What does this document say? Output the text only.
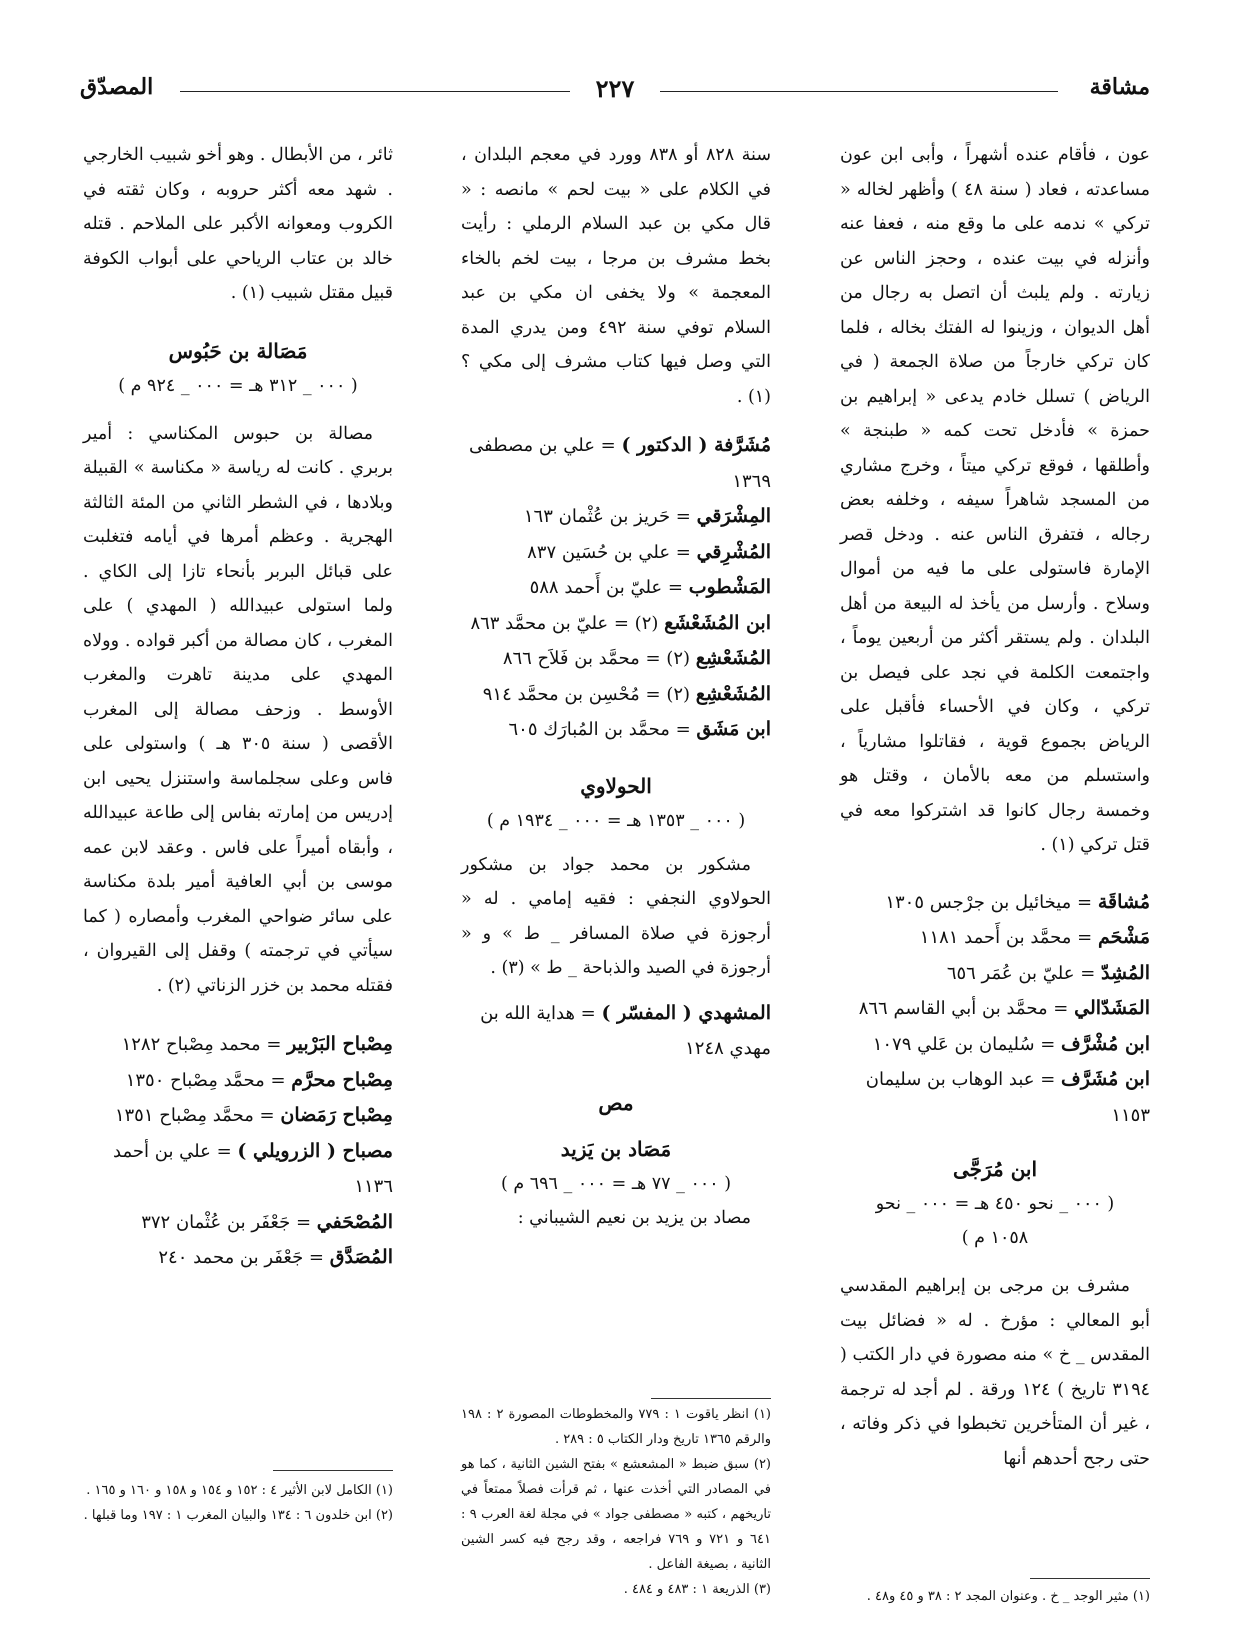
مشاقة
٢٢٧
المصدّق

عون ، فأقام عنده أشهراً ، وأبى ابن عون مساعدته ، فعاد ( سنة ٤٨ ) وأظهر لخاله « تركي » ندمه على ما وقع منه ، فعفا عنه وأنزله في بيت عنده ، وحجز الناس عن زيارته . ولم يلبث أن اتصل به رجال من أهل الديوان ، وزينوا له الفتك بخاله ، فلما كان تركي خارجاً من صلاة الجمعة ( في الرياض ) تسلل خادم يدعى « إبراهيم بن حمزة » فأدخل تحت كمه « طبنجة » وأطلقها ، فوقع تركي ميتاً ، وخرج مشاري من المسجد شاهراً سيفه ، وخلفه بعض رجاله ، فتفرق الناس عنه . ودخل قصر الإمارة فاستولى على ما فيه من أموال وسلاح . وأرسل من يأخذ له البيعة من أهل البلدان . ولم يستقر أكثر من أربعين يوماً ، واجتمعت الكلمة في نجد على فيصل بن تركي ، وكان في الأحساء فأقبل على الرياض بجموع قوية ، فقاتلوا مشارياً ، واستسلم من معه بالأمان ، وقتل هو وخمسة رجال كانوا قد اشتركوا معه في قتل تركي (١) .

مُشاقَة = ميخائيل بن جرْجس ١٣٠٥

مَشْحَم = محمَّد بن أَحمد ١١٨١

المُشِدّ = عليّ بن عُمَر ٦٥٦

المَشَدّالي = محمَّد بن أبي القاسم ٨٦٦

ابن مُشْرَّف = سُليمان بن عَلي ١٠٧٩

ابن مُشَرَّف = عبد الوهاب بن سليمان ١١٥٣

ابن مُرَجَّى

( ٠٠٠ _ نحو ٤٥٠ هـ = ٠٠٠ _ نحو

١٠٥٨ م )

مشرف بن مرجى بن إبراهيم المقدسي أبو المعالي : مؤرخ . له « فضائل بيت المقدس _ خ » منه مصورة في دار الكتب ( ٣١٩٤ تاريخ ) ١٢٤ ورقة . لم أجد له ترجمة ، غير أن المتأخرين تخبطوا في ذكر وفاته ، حتى رجح أحدهم أنها

سنة ٨٢٨ أو ٨٣٨ وورد في معجم البلدان ، في الكلام على « بيت لحم » مانصه : « قال مكي بن عبد السلام الرملي : رأيت بخط مشرف بن مرجا ، بيت لخم بالخاء المعجمة » ولا يخفى ان مكي بن عبد السلام توفي سنة ٤٩٢ ومن يدري المدة التي وصل فيها كتاب مشرف إلى مكي ؟ (١) .

مُشَرَّفة ( الدكتور ) = علي بن مصطفى ١٣٦٩

المِشْرَقي = حَريز بن عُثْمان ١٦٣

المُشْرِقي = علي بن حُسَين ٨٣٧

المَشْطوب = عليّ بن أَحمد ٥٨٨

ابن المُشَعْشَع (٢) = عليّ بن محمَّد ٨٦٣

المُشَعْشِع (٢) = محمَّد بن فَلاَح ٨٦٦

المُشَعْشِع (٢) = مُحْسِن بن محمَّد ٩١٤

ابن مَشَق = محمَّد بن المُبارَك ٦٠٥

الحولاوي

( ٠٠٠ _ ١٣٥٣ هـ = ٠٠٠ _ ١٩٣٤ م )

مشكور بن محمد جواد بن مشكور الحولاوي النجفي : فقيه إمامي . له « أرجوزة في صلاة المسافر _ ط » و « أرجوزة في الصيد والذباحة _ ط » (٣) .

المشهدي ( المفسّر ) = هداية الله بن مهدي ١٢٤٨

مص

مَصَاد بن يَزيد

( ٠٠٠ _ ٧٧ هـ = ٠٠٠ _ ٦٩٦ م )

مصاد بن يزيد بن نعيم الشيباني :

ثائر ، من الأبطال . وهو أخو شبيب الخارجي . شهد معه أكثر حروبه ، وكان ثقته في الكروب ومعوانه الأكبر على الملاحم . قتله خالد بن عتاب الرياحي على أبواب الكوفة قبيل مقتل شبيب (١) .

مَصَالة بن حَبُوس

( ٠٠٠ _ ٣١٢ هـ = ٠٠٠ _ ٩٢٤ م )

مصالة بن حبوس المكناسي : أمير بربري . كانت له رياسة « مكناسة » القبيلة وبلادها ، في الشطر الثاني من المئة الثالثة الهجرية . وعظم أمرها في أيامه فتغلبت على قبائل البربر بأنحاء تازا إلى الكاي . ولما استولى عبيدالله ( المهدي ) على المغرب ، كان مصالة من أكبر قواده . وولاه المهدي على مدينة تاهرت والمغرب الأوسط . وزحف مصالة إلى المغرب الأقصى ( سنة ٣٠٥ هـ ) واستولى على فاس وعلى سجلماسة واستنزل يحيى ابن إدريس من إمارته بفاس إلى طاعة عبيدالله ، وأبقاه أميراً على فاس . وعقد لابن عمه موسى بن أبي العافية أمير بلدة مكناسة على سائر ضواحي المغرب وأمصاره ( كما سيأتي في ترجمته ) وقفل إلى القيروان ، فقتله محمد بن خزر الزناتي (٢) .

مِصْباح البَرْبير = محمد مِصْباح ١٢٨٢

مِصْباح محرَّم = محمَّد مِصْباح ١٣٥٠

مِصْباح رَمَضان = محمَّد مِصْباح ١٣٥١

مصباح ( الزرويلي ) = علي بن أحمد ١١٣٦

المُصْحَفي = جَعْفَر بن عُثْمان ٣٧٢

المُصَدَّق = جَعْفَر بن محمد ٢٤٠

(١) مثير الوجد _ خ . وعنوان المجد ٢ : ٣٨ و ٤٥ و٤٨ .

(١) انظر ياقوت ١ : ٧٧٩ والمخطوطات المصورة ٢ : ١٩٨ والرقم ١٣٦٥ تاريخ ودار الكتاب ٥ : ٢٨٩ .

(٢) سبق ضبط « المشعشع » بفتح الشين الثانية ، كما هو في المصادر التي أخذت عنها ، ثم قرأت فصلاً ممتعاً في تاريخهم ، كتبه « مصطفى جواد » في مجلة لغة العرب ٩ : ٦٤١ و ٧٢١ و ٧٦٩ فراجعه ، وقد رجح فيه كسر الشين الثانية ، بصيغة الفاعل .

(٣) الذريعة ١ : ٤٨٣ و ٤٨٤ .

(١) الكامل لابن الأثير ٤ : ١٥٢ و ١٥٤ و ١٥٨ و ١٦٠ و ١٦٥ .

(٢) ابن خلدون ٦ : ١٣٤ والبيان المغرب ١ : ١٩٧ وما قبلها .
